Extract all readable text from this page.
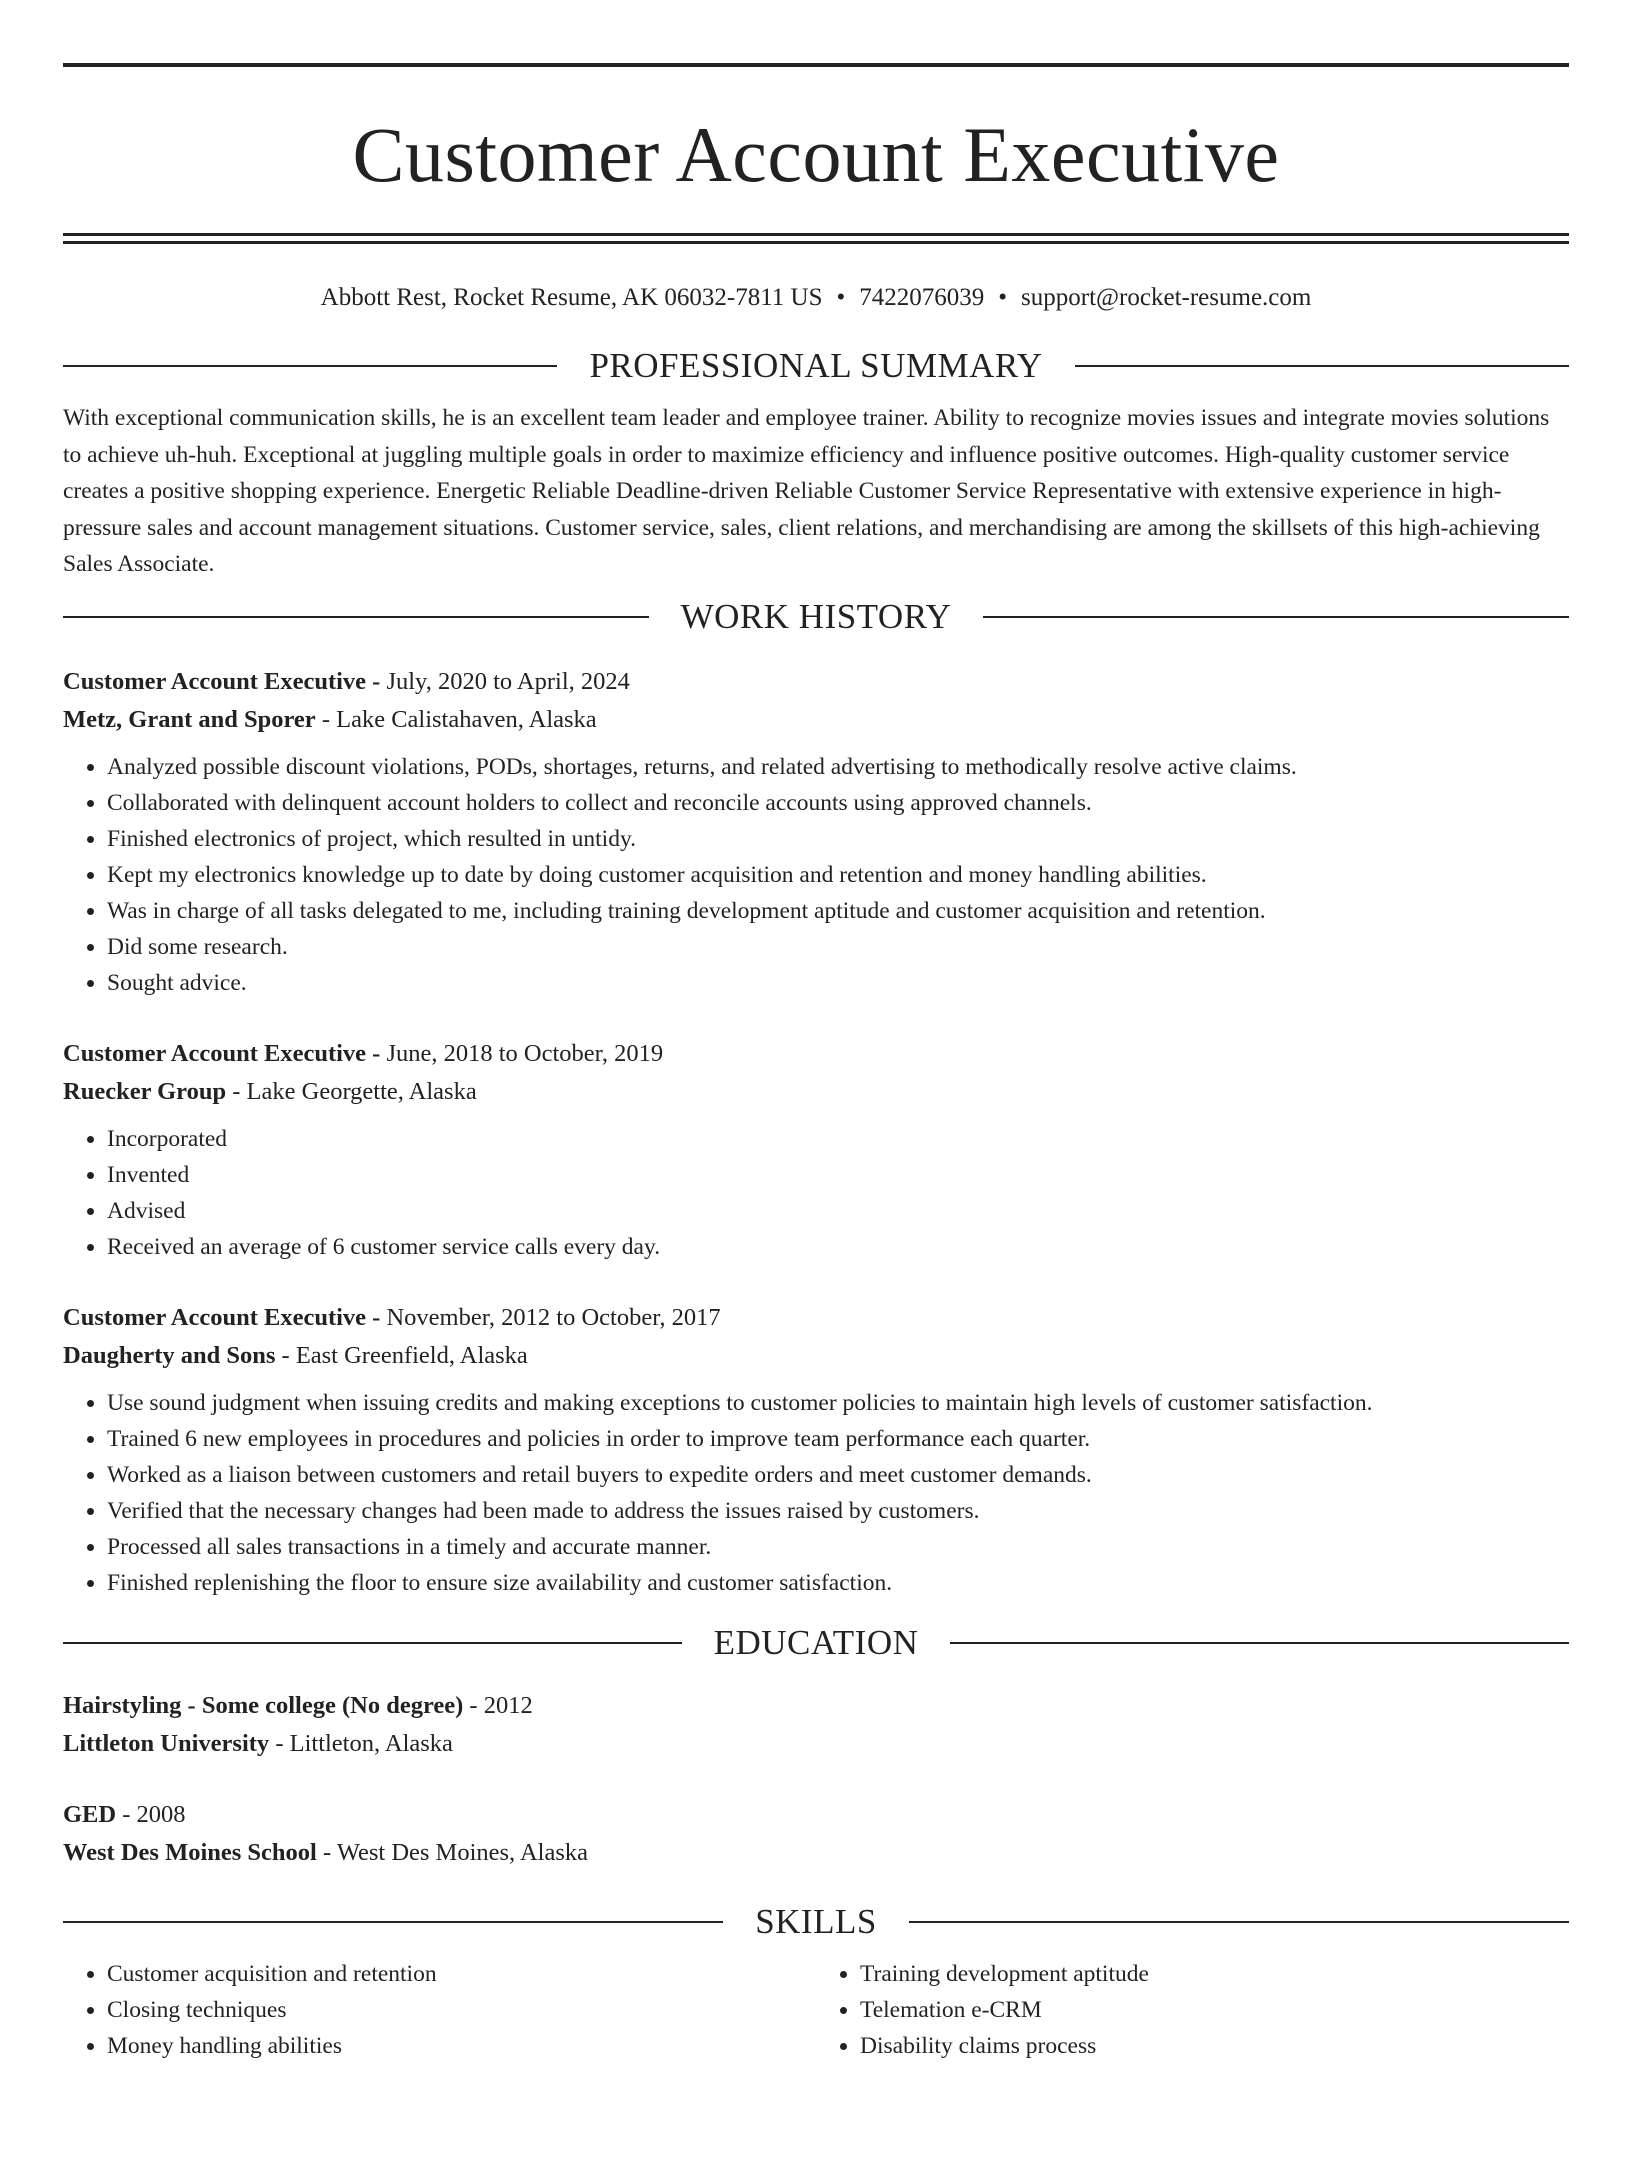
Customer Account Executive
Abbott Rest, Rocket Resume, AK 06032-7811 US • 7422076039 • support@rocket-resume.com
PROFESSIONAL SUMMARY
With exceptional communication skills, he is an excellent team leader and employee trainer. Ability to recognize movies issues and integrate movies solutions to achieve uh-huh. Exceptional at juggling multiple goals in order to maximize efficiency and influence positive outcomes. High-quality customer service creates a positive shopping experience. Energetic Reliable Deadline-driven Reliable Customer Service Representative with extensive experience in high-pressure sales and account management situations. Customer service, sales, client relations, and merchandising are among the skillsets of this high-achieving Sales Associate.
WORK HISTORY
Customer Account Executive - July, 2020 to April, 2024
Metz, Grant and Sporer - Lake Calistahaven, Alaska
• Analyzed possible discount violations, PODs, shortages, returns, and related advertising to methodically resolve active claims.
• Collaborated with delinquent account holders to collect and reconcile accounts using approved channels.
• Finished electronics of project, which resulted in untidy.
• Kept my electronics knowledge up to date by doing customer acquisition and retention and money handling abilities.
• Was in charge of all tasks delegated to me, including training development aptitude and customer acquisition and retention.
• Did some research.
• Sought advice.
Customer Account Executive - June, 2018 to October, 2019
Ruecker Group - Lake Georgette, Alaska
• Incorporated
• Invented
• Advised
• Received an average of 6 customer service calls every day.
Customer Account Executive - November, 2012 to October, 2017
Daugherty and Sons - East Greenfield, Alaska
• Use sound judgment when issuing credits and making exceptions to customer policies to maintain high levels of customer satisfaction.
• Trained 6 new employees in procedures and policies in order to improve team performance each quarter.
• Worked as a liaison between customers and retail buyers to expedite orders and meet customer demands.
• Verified that the necessary changes had been made to address the issues raised by customers.
• Processed all sales transactions in a timely and accurate manner.
• Finished replenishing the floor to ensure size availability and customer satisfaction.
EDUCATION
Hairstyling - Some college (No degree) - 2012
Littleton University - Littleton, Alaska
GED - 2008
West Des Moines School - West Des Moines, Alaska
SKILLS
• Customer acquisition and retention
• Closing techniques
• Money handling abilities
• Training development aptitude
• Telemation e-CRM
• Disability claims process
